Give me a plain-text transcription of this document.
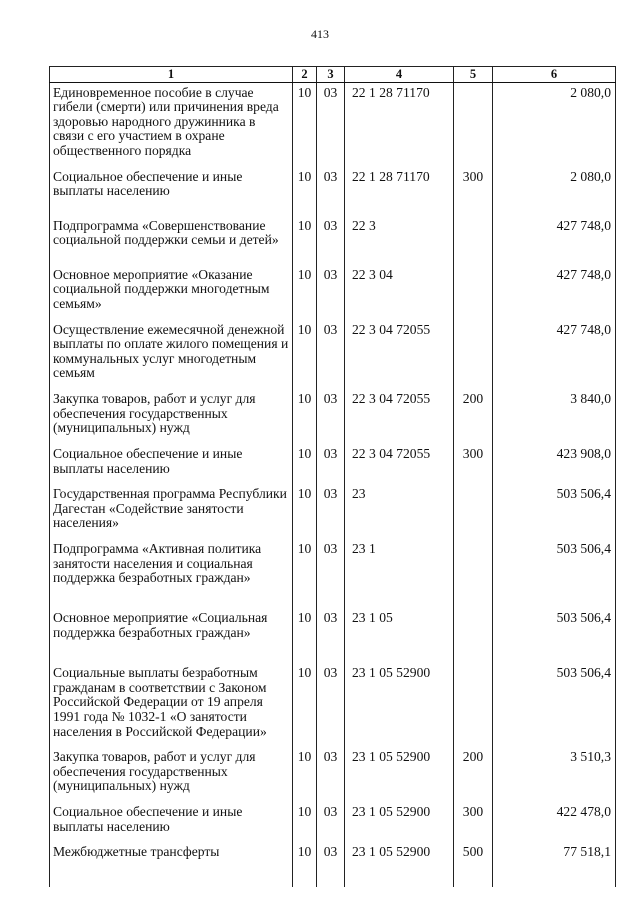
413
1	2	3	4	5	6
Единовременное пособие в случае гибели (смерти) или причинения вреда здоровью народного дружинника в связи с его участием в охране общественного порядка	10	03	22 1 28 71170		2 080,0
Социальное обеспечение и иные выплаты населению	10	03	22 1 28 71170	300	2 080,0
Подпрограмма «Совершенствование социальной поддержки семьи и детей»	10	03	22 3		427 748,0
Основное мероприятие «Оказание социальной поддержки многодетным семьям»	10	03	22 3 04		427 748,0
Осуществление ежемесячной денежной выплаты по оплате жилого помещения и коммунальных услуг многодетным семьям	10	03	22 3 04 72055		427 748,0
Закупка товаров, работ и услуг для обеспечения государственных (муниципальных) нужд	10	03	22 3 04 72055	200	3 840,0
Социальное обеспечение и иные выплаты населению	10	03	22 3 04 72055	300	423 908,0
Государственная программа Республики Дагестан «Содействие занятости населения»	10	03	23		503 506,4
Подпрограмма «Активная политика занятости населения и социальная поддержка безработных граждан»	10	03	23 1		503 506,4
Основное мероприятие «Социальная поддержка безработных граждан»	10	03	23 1 05		503 506,4
Социальные выплаты безработным гражданам в соответствии с Законом Российской Федерации от 19 апреля 1991 года № 1032-1 «О занятости населения в Российской Федерации»	10	03	23 1 05 52900		503 506,4
Закупка товаров, работ и услуг для обеспечения государственных (муниципальных) нужд	10	03	23 1 05 52900	200	3 510,3
Социальное обеспечение и иные выплаты населению	10	03	23 1 05 52900	300	422 478,0
Межбюджетные трансферты	10	03	23 1 05 52900	500	77 518,1
